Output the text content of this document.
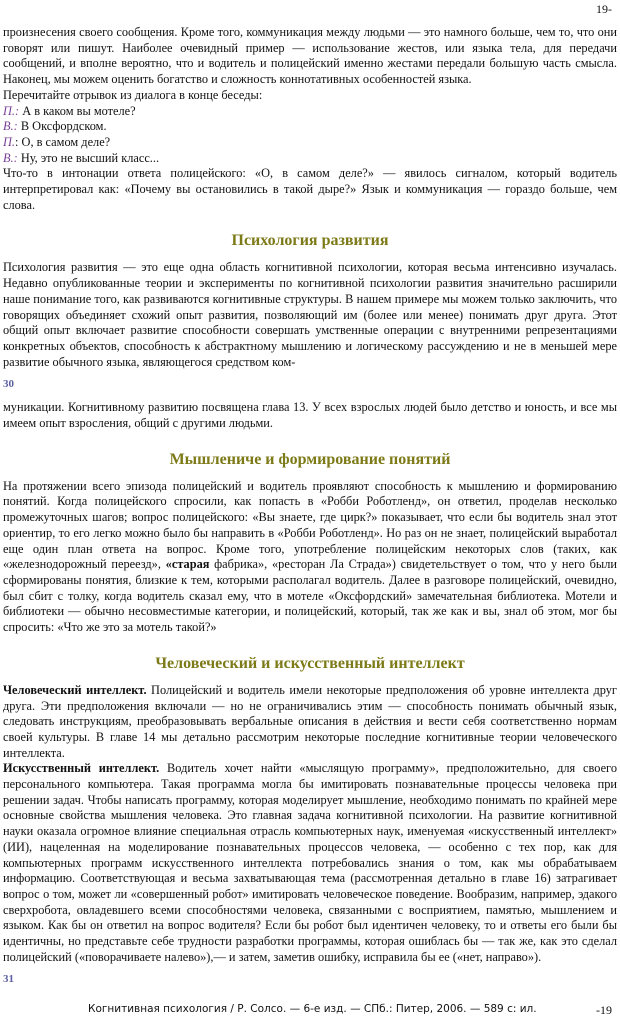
19-

произнесения своего сообщения. Кроме того, коммуникация между людьми — это намного больше, чем то, что они говорят или пишут. Наиболее очевидный пример — использование жестов, или языка тела, для передачи сообщений, и вполне вероятно, что и водитель и полицейский именно жестами передали большую часть смысла. Наконец, мы можем оценить богатство и сложность коннотативных особенностей языка.

Перечитайте отрывок из диалога в конце беседы:

П.: А в каком вы мотеле?

В.: В Оксфордском.

П.: О, в самом деле?

В.: Ну, это не высший класс...

Что-то в интонации ответа полицейского: «О, в самом деле?» — явилось сигналом, который водитель интерпретировал как: «Почему вы остановились в такой дыре?» Язык и коммуникация — гораздо больше, чем слова.

Психология развития

Психология развития — это еще одна область когнитивной психологии, которая весьма интенсивно изучалась. Недавно опубликованные теории и эксперименты по когнитивной психологии развития значительно расширили наше понимание того, как развиваются когнитивные структуры. В нашем примере мы можем только заключить, что говорящих объединяет схожий опыт развития, позволяющий им (более или менее) понимать друг друга. Этот общий опыт включает развитие способности совершать умственные операции с внутренними репрезентациями конкретных объектов, способность к абстрактному мышлению и логическому рассуждению и не в меньшей мере развитие обычного языка, являющегося средством ком-

30

муникации. Когнитивному развитию посвящена глава 13. У всех взрослых людей было детство и юность, и все мы имеем опыт взросления, общий с другими людьми.

Мышлениче и формирование понятий

На протяжении всего эпизода полицейский и водитель проявляют способность к мышлению и формированию понятий. Когда полицейского спросили, как попасть в «Робби Роботленд», он ответил, проделав несколько промежуточных шагов; вопрос полицейского: «Вы знаете, где цирк?» показывает, что если бы водитель знал этот ориентир, то его легко можно было бы направить в «Робби Роботленд». Но раз он не знает, полицейский выработал еще один план ответа на вопрос. Кроме того, употребление полицейским некоторых слов (таких, как «железнодорожный переезд», «старая фабрика», «ресторан Ла Страда») свидетельствует о том, что у него были сформированы понятия, близкие к тем, которыми располагал водитель. Далее в разговоре полицейский, очевидно, был сбит с толку, когда водитель сказал ему, что в мотеле «Оксфордский» замечательная библиотека. Мотели и библиотеки — обычно несовместимые категории, и полицейский, который, так же как и вы, знал об этом, мог бы спросить: «Что же это за мотель такой?»

Человеческий и искусственный интеллект

Человеческий интеллект. Полицейский и водитель имели некоторые предположения об уровне интеллекта друг друга. Эти предположения включали — но не ограничивались этим — способность понимать обычный язык, следовать инструкциям, преобразовывать вербальные описания в действия и вести себя соответственно нормам своей культуры. В главе 14 мы детально рассмотрим некоторые последние когнитивные теории человеческого интеллекта.

Искусственный интеллект. Водитель хочет найти «мыслящую программу», предположительно, для своего персонального компьютера. Такая программа могла бы имитировать познавательные процессы человека при решении задач. Чтобы написать программу, которая моделирует мышление, необходимо понимать по крайней мере основные свойства мышления человека. Это главная задача когнитивной психологии. На развитие когнитивной науки оказала огромное влияние специальная отрасль компьютерных наук, именуемая «искусственный интеллект» (ИИ), нацеленная на моделирование познавательных процессов человека, — особенно с тех пор, как для компьютерных программ искусственного интеллекта потребовались знания о том, как мы обрабатываем информацию. Соответствующая и весьма захватывающая тема (рассмотренная детально в главе 16) затрагивает вопрос о том, может ли «совершенный робот» имитировать человеческое поведение. Вообразим, например, эдакого сверхробота, овладевшего всеми способностями человека, связанными с восприятием, памятью, мышлением и языком. Как бы он ответил на вопрос водителя? Если бы робот был идентичен человеку, то и ответы его были бы идентичны, но представьте себе трудности разработки программы, которая ошиблась бы — так же, как это сделал полицейский («поворачиваете налево»),— и затем, заметив ошибку, исправила бы ее («нет, направо»).

31
Когнитивная психология / Р. Солсо. — 6-е изд. — СПб.: Питер, 2006. — 589 с: ил.	-19
